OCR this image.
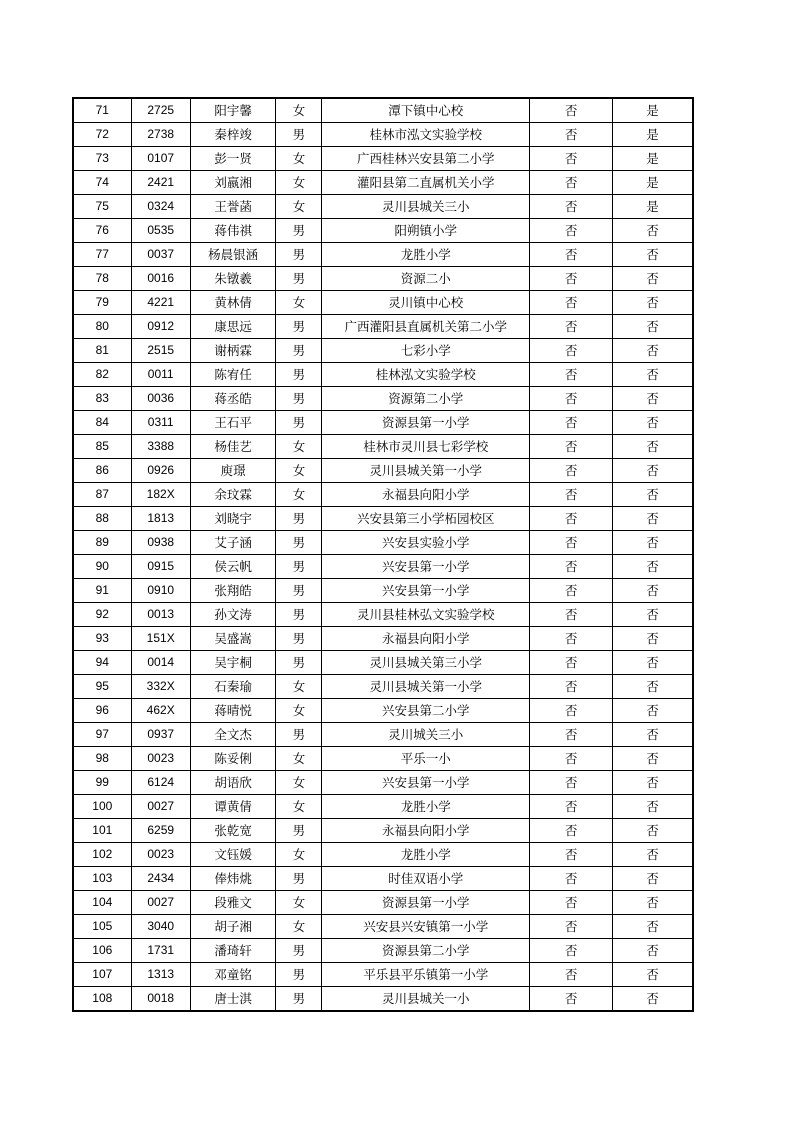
71	2725	阳宇馨	女	潭下镇中心校	否	是
72	2738	秦梓竣	男	桂林市泓文实验学校	否	是
73	0107	彭一贤	女	广西桂林兴安县第二小学	否	是
74	2421	刘嬴湘	女	灌阳县第二直属机关小学	否	是
75	0324	王誉菡	女	灵川县城关三小	否	是
76	0535	蒋伟祺	男	阳朔镇小学	否	否
77	0037	杨晨银涵	男	龙胜小学	否	否
78	0016	朱镦羲	男	资源二小	否	否
79	4221	黄林倩	女	灵川镇中心校	否	否
80	0912	康思远	男	广西灌阳县直属机关第二小学	否	否
81	2515	谢柄霖	男	七彩小学	否	否
82	0011	陈宥任	男	桂林泓文实验学校	否	否
83	0036	蒋丞皓	男	资源第二小学	否	否
84	0311	王石平	男	资源县第一小学	否	否
85	3388	杨佳艺	女	桂林市灵川县七彩学校	否	否
86	0926	庾璟	女	灵川县城关第一小学	否	否
87	182X	余玟霖	女	永福县向阳小学	否	否
88	1813	刘晓宇	男	兴安县第三小学柘园校区	否	否
89	0938	艾子涵	男	兴安县实验小学	否	否
90	0915	侯云帆	男	兴安县第一小学	否	否
91	0910	张翔皓	男	兴安县第一小学	否	否
92	0013	孙文涛	男	灵川县桂林弘文实验学校	否	否
93	151X	吴盛嵩	男	永福县向阳小学	否	否
94	0014	吴宇桐	男	灵川县城关第三小学	否	否
95	332X	石秦瑜	女	灵川县城关第一小学	否	否
96	462X	蒋晴悦	女	兴安县第二小学	否	否
97	0937	全文杰	男	灵川城关三小	否	否
98	0023	陈妥俐	女	平乐一小	否	否
99	6124	胡语欣	女	兴安县第一小学	否	否
100	0027	谭黄倩	女	龙胜小学	否	否
101	6259	张乾宽	男	永福县向阳小学	否	否
102	0023	文钰媛	女	龙胜小学	否	否
103	2434	俸炜烑	男	时佳双语小学	否	否
104	0027	段雅文	女	资源县第一小学	否	否
105	3040	胡子湘	女	兴安县兴安镇第一小学	否	否
106	1731	潘琦轩	男	资源县第二小学	否	否
107	1313	邓童铭	男	平乐县平乐镇第一小学	否	否
108	0018	唐士淇	男	灵川县城关一小	否	否
